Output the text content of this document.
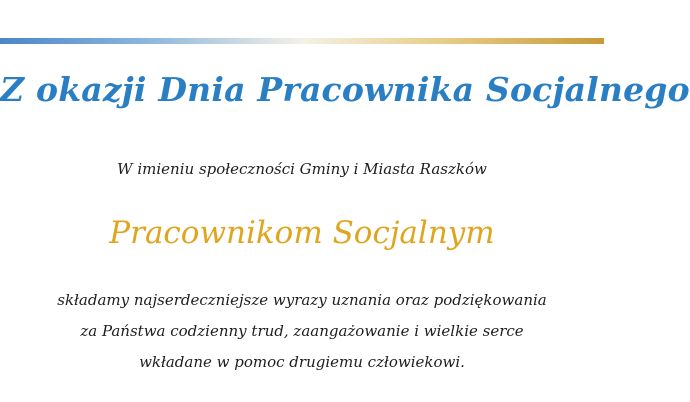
Z okazji Dnia Pracownika Socjalnego
W imieniu społeczności Gminy i Miasta Raszków
Pracownikom Socjalnym
składamy najserdeczniejsze wyrazy uznania oraz podziękowania
za Państwa codzienny trud, zaangażowanie i wielkie serce
wkładane w pomoc drugiemu człowiekowi.
